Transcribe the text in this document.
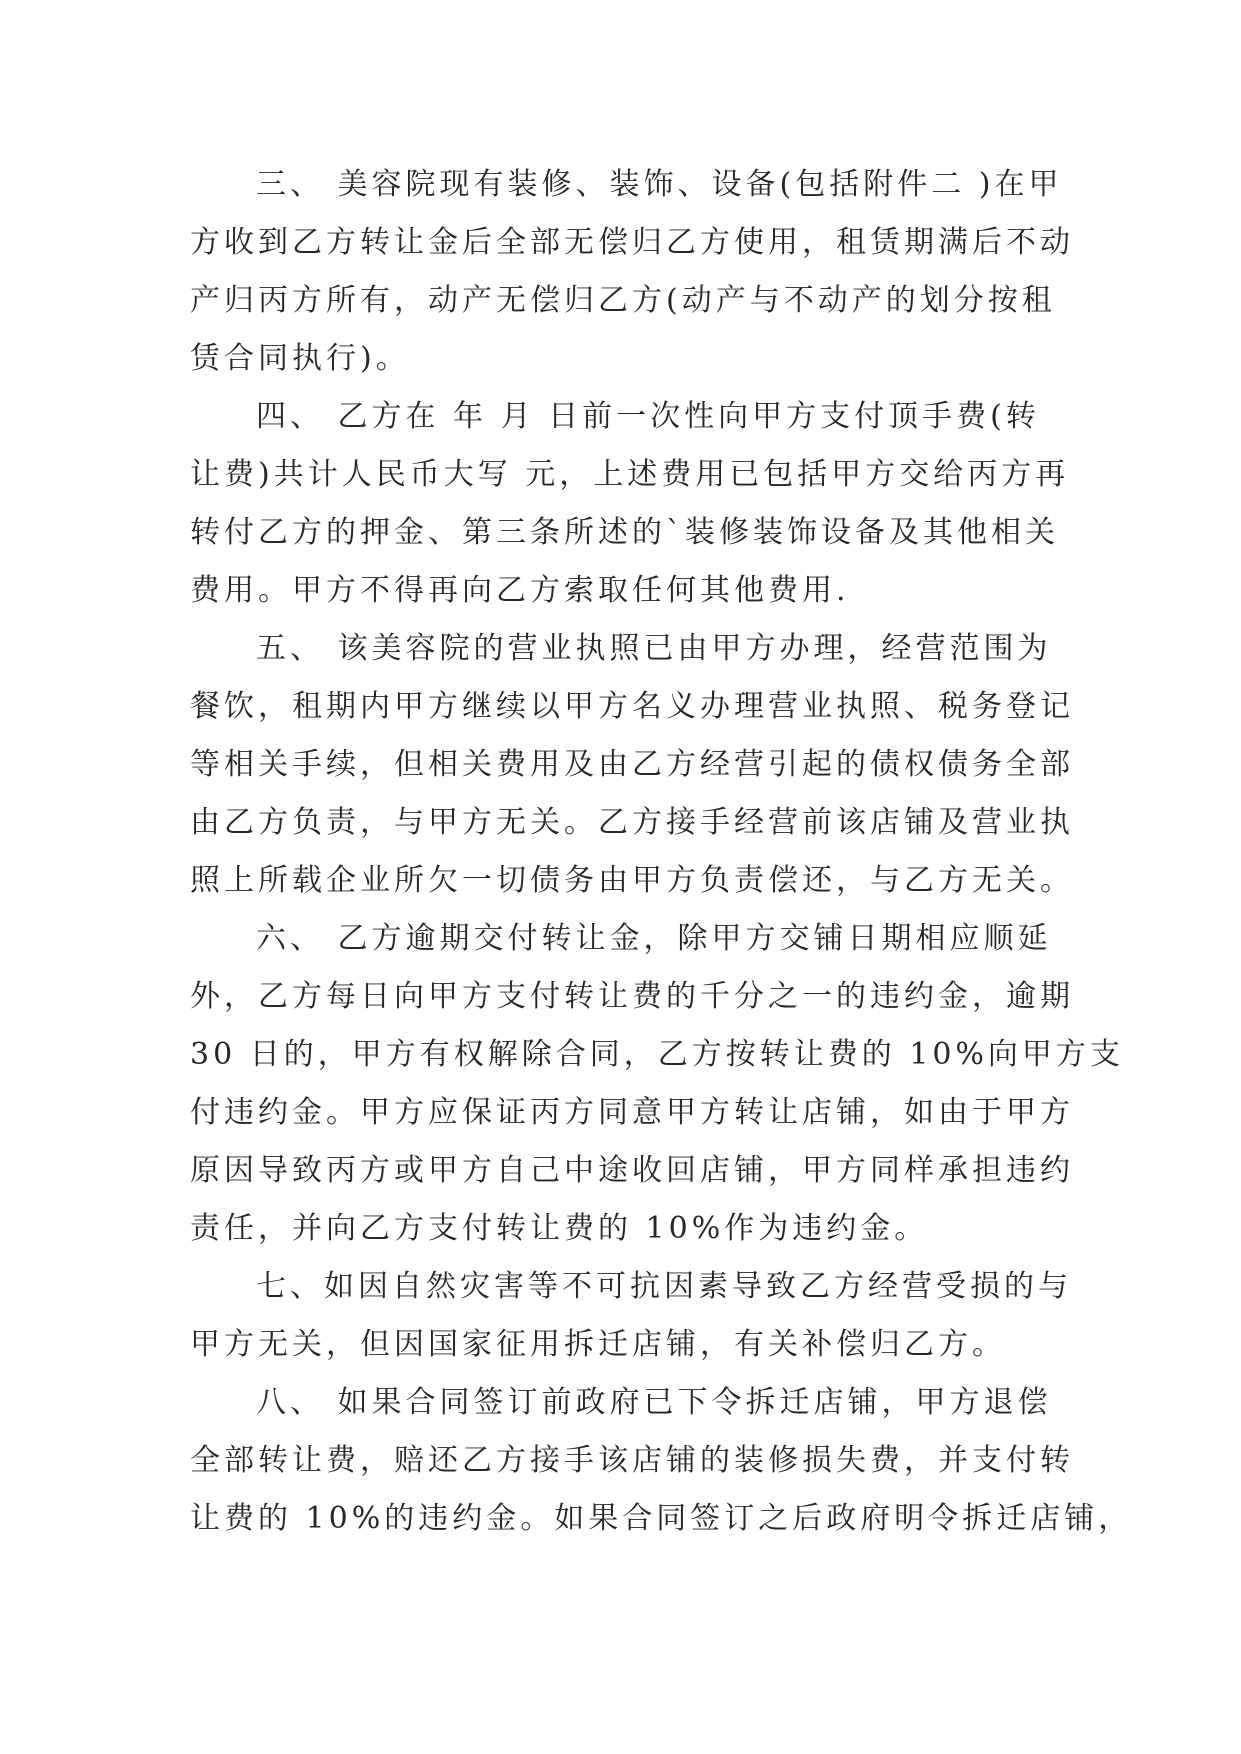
三、 美容院现有装修、装饰、设备(包括附件二 )在甲
方收到乙方转让金后全部无偿归乙方使用，租赁期满后不动
产归丙方所有，动产无偿归乙方(动产与不动产的划分按租
赁合同执行)。
四、 乙方在 年 月 日前一次性向甲方支付顶手费(转
让费)共计人民币大写 元，上述费用已包括甲方交给丙方再
转付乙方的押金、第三条所述的`装修装饰设备及其他相关
费用。甲方不得再向乙方索取任何其他费用.
五、 该美容院的营业执照已由甲方办理，经营范围为
餐饮，租期内甲方继续以甲方名义办理营业执照、税务登记
等相关手续，但相关费用及由乙方经营引起的债权债务全部
由乙方负责，与甲方无关。乙方接手经营前该店铺及营业执
照上所载企业所欠一切债务由甲方负责偿还，与乙方无关。
六、 乙方逾期交付转让金，除甲方交铺日期相应顺延
外，乙方每日向甲方支付转让费的千分之一的违约金，逾期
30 日的，甲方有权解除合同，乙方按转让费的 10%向甲方支
付违约金。甲方应保证丙方同意甲方转让店铺，如由于甲方
原因导致丙方或甲方自己中途收回店铺，甲方同样承担违约
责任，并向乙方支付转让费的 10%作为违约金。
七、如因自然灾害等不可抗因素导致乙方经营受损的与
甲方无关，但因国家征用拆迁店铺，有关补偿归乙方。
八、 如果合同签订前政府已下令拆迁店铺，甲方退偿
全部转让费，赔还乙方接手该店铺的装修损失费，并支付转
让费的 10%的违约金。如果合同签订之后政府明令拆迁店铺，
